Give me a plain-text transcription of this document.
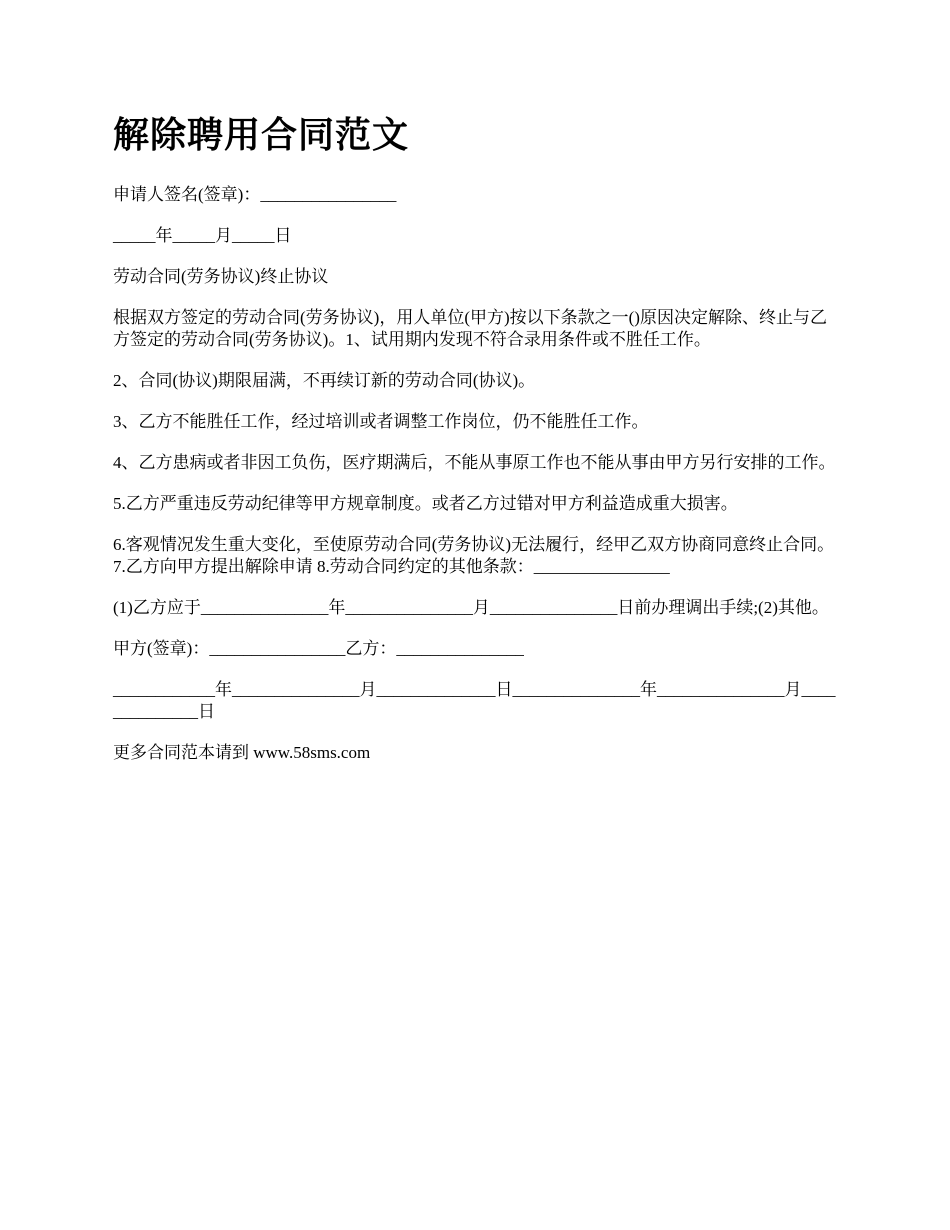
解除聘用合同范文

申请人签名(签章)：________________

_____年_____月_____日

劳动合同(劳务协议)终止协议

根据双方签定的劳动合同(劳务协议)，用人单位(甲方)按以下条款之一()原因决定解除、终止与乙方签定的劳动合同(劳务协议)。1、试用期内发现不符合录用条件或不胜任工作。

2、合同(协议)期限届满，不再续订新的劳动合同(协议)。

3、乙方不能胜任工作，经过培训或者调整工作岗位，仍不能胜任工作。

4、乙方患病或者非因工负伤，医疗期满后，不能从事原工作也不能从事由甲方另行安排的工作。

5.乙方严重违反劳动纪律等甲方规章制度。或者乙方过错对甲方利益造成重大损害。

6.客观情况发生重大变化，至使原劳动合同(劳务协议)无法履行，经甲乙双方协商同意终止合同。7.乙方向甲方提出解除申请 8.劳动合同约定的其他条款：________________

(1)乙方应于_______________年_______________月_______________日前办理调出手续;(2)其他。

甲方(签章)：________________乙方：_______________

____________年_______________月______________日_______________年_______________月______________日

更多合同范本请到 www.58sms.com
